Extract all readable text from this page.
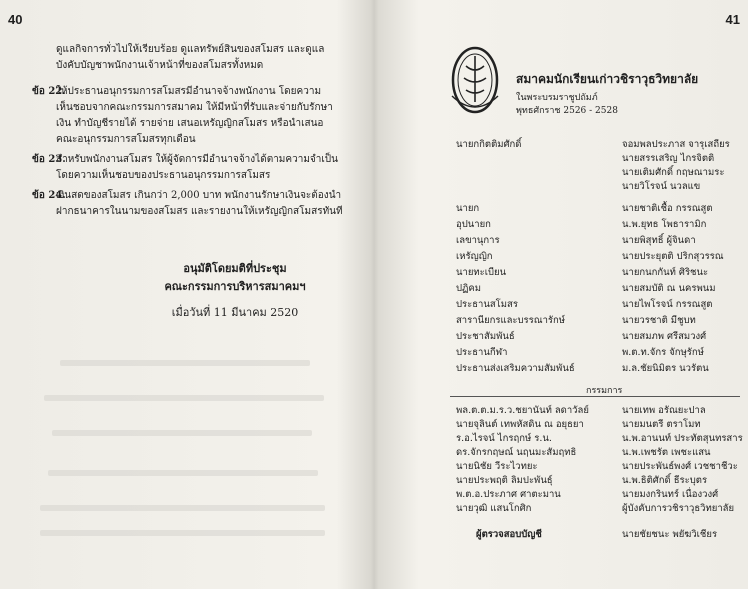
40
ดูแลกิจการทั่วไปให้เรียบร้อย ดูแลทรัพย์สินของสโมสร และดูแล
บังคับบัญชาพนักงานเจ้าหน้าที่ของสโมสรทั้งหมด
ข้อ 22.
ให้ประธานอนุกรรมการสโมสรมีอำนาจจ้างพนักงาน โดยความ
เห็นชอบจากคณะกรรมการสมาคม ให้มีหน้าที่รับและจ่ายกับรักษา
เงิน ทำบัญชีรายได้ รายจ่าย เสนอเหรัญญิกสโมสร หรือนำเสนอ
คณะอนุกรรมการสโมสรทุกเดือน
ข้อ 23.
สำหรับพนักงานสโมสร ให้ผู้จัดการมีอำนาจจ้างได้ตามความจำเป็น
โดยความเห็นชอบของประธานอนุกรรมการสโมสร
ข้อ 24.
เงินสดของสโมสร เกินกว่า 2,000 บาท พนักงานรักษาเงินจะต้องนำ
ฝากธนาคารในนามของสโมสร และรายงานให้เหรัญญิกสโมสรทันที
อนุมัติโดยมติที่ประชุม
คณะกรรมการบริหารสมาคมฯ
เมื่อวันที่ 11 มีนาคม 2520
41
สมาคมนักเรียนเก่าวชิราวุธวิทยาลัย
ในพระบรมราชูปถัมภ์
พุทธศักราช 2526 - 2528
นายกกิตติมศักดิ์	จอมพลประภาส จารุเสถียร
นายสรรเสริญ ไกรจิตติ
นายเติมศักดิ์ กฤษณามระ
นายวิโรจน์ นวลแข
นายก	นายชาติเชื้อ กรรณสูต
อุปนายก	น.พ.ยุทธ โพธารามิก
เลขานุการ	นายพิสุทธิ์ ผู้จินดา
เหรัญญิก	นายประยุตติ ปริกสุวรรณ
นายทะเบียน	นายกนกกันท์ ศิริชนะ
ปฏิคม	นายสมบัติ ณ นครพนม
ประธานสโมสร	นายไพโรจน์ กรรณสูต
สารานียกรและบรรณารักษ์	นายวรชาติ มีชูบท
ประชาสัมพันธ์	นายสมภพ ศรีสมวงศ์
ประธานกีฬา	พ.ต.ท.จักร จักษุรักษ์
ประธานส่งเสริมความสัมพันธ์	ม.ล.ชัยนิมิตร นวรัตน
กรรมการ
พล.ต.ต.ม.ร.ว.ชยานันท์ ลดาวัลย์	นายเทพ อรัณยะปาล
นายจุลินต์ เทพหัสดิน ณ อยุธยา	นายมนตรี ตราโมท
ร.อ.ไรจน์ ไกรฤกษ์ ร.น.	น.พ.อานนท์ ประทัตสุนทรสาร
ดร.จักรกฤษณ์ นฤนมะสัมฤทธิ	น.พ.เพชรัต เพชะแสน
นายนิชัย วีระไวทยะ	นายประพันธ์พงศ์ เวชชาชีวะ
นายประพฤติ ลิมปะพันธุ์	น.พ.ธิติศักดิ์ ธีระบุตร
พ.ต.อ.ประภาศ ศาตะมาน	นายมงกรินทร์ เนื่องวงศ์
นายวุฒิ แสนโกศิก	ผู้บังคับการวชิราวุธวิทยาลัย
ผู้ตรวจสอบบัญชี	นายชัยชนะ พยัฆวิเชียร
